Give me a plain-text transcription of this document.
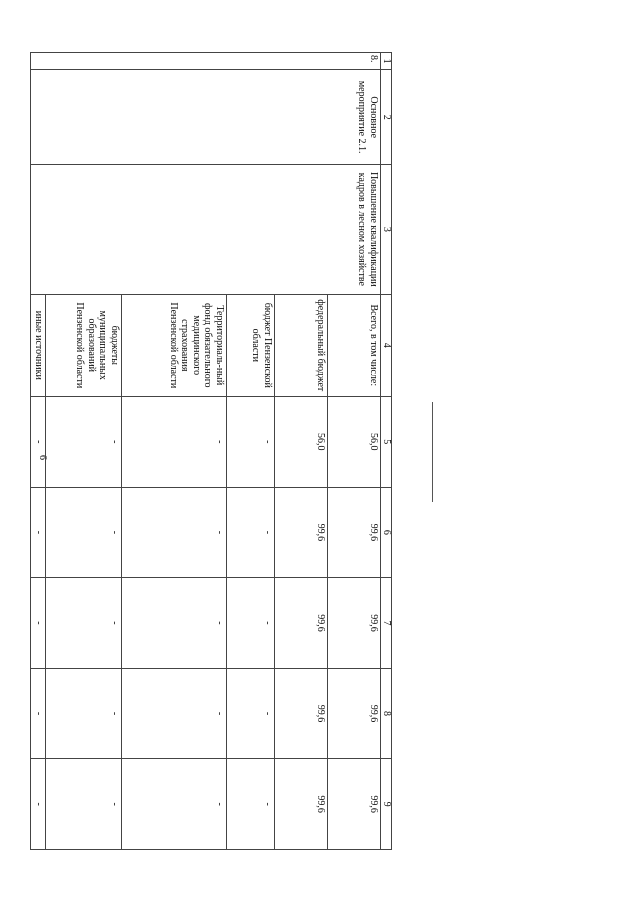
6
1	2	3	4	5	6	7	8	9
8.	Основное мероприятие 2.1.	Повышение квалификации кадров в лесном хозяйстве	Всего, в том числе:	56,0	99,6	99,6	99,6	99,6
			федеральный бюджет	56,0	99,6	99,6	99,6	99,6
			бюджет Пензенской области	-	-	-	-	-
			Территориаль-ный фонд обязательного медицинского страхования Пензенской области	-	-	-	-	-
			бюджеты муниципальных образований Пензенской области	-	-	-	-	-
			иные источники	-	-	-	-	-
